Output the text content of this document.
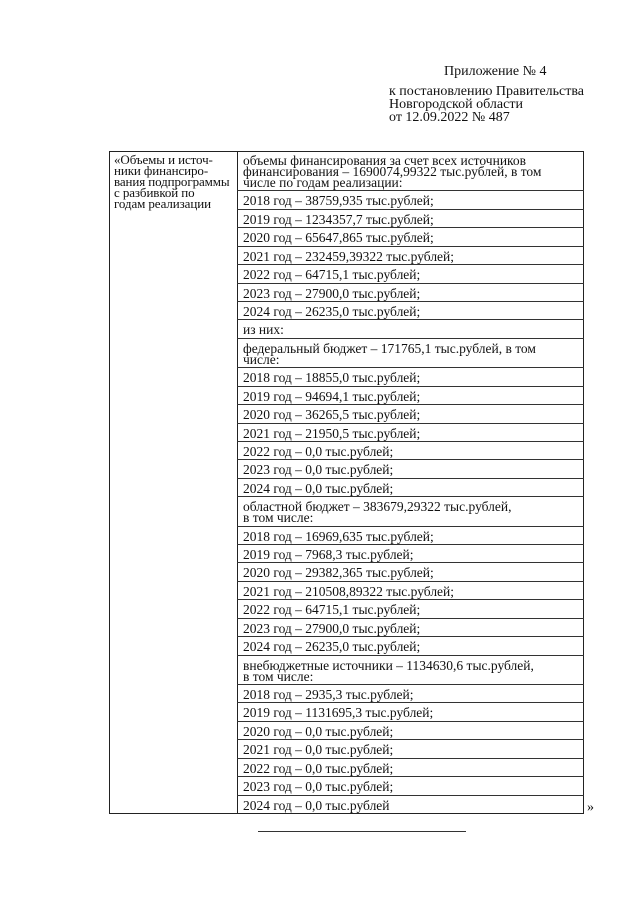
Приложение № 4
к постановлению Правительства
Новгородской области
от 12.09.2022 № 487
«Объемы и источ-
ники финансиро-
вания подпрограммы
с разбивкой по
годам реализации
объемы финансирования за счет всех источников
финансирования – 1690074,99322 тыс.рублей, в том
числе по годам реализации:
2018 год – 38759,935 тыс.рублей;
2019 год – 1234357,7 тыс.рублей;
2020 год – 65647,865 тыс.рублей;
2021 год – 232459,39322 тыс.рублей;
2022 год – 64715,1 тыс.рублей;
2023 год – 27900,0 тыс.рублей;
2024 год – 26235,0 тыс.рублей;
из них:
федеральный бюджет – 171765,1 тыс.рублей, в том
числе:
2018 год – 18855,0 тыс.рублей;
2019 год – 94694,1 тыс.рублей;
2020 год – 36265,5 тыс.рублей;
2021 год – 21950,5 тыс.рублей;
2022 год – 0,0 тыс.рублей;
2023 год – 0,0 тыс.рублей;
2024 год – 0,0 тыс.рублей;
областной бюджет – 383679,29322 тыс.рублей,
в том числе:
2018 год – 16969,635 тыс.рублей;
2019 год – 7968,3 тыс.рублей;
2020 год – 29382,365 тыс.рублей;
2021 год – 210508,89322 тыс.рублей;
2022 год – 64715,1 тыс.рублей;
2023 год – 27900,0 тыс.рублей;
2024 год – 26235,0 тыс.рублей;
внебюджетные источники – 1134630,6 тыс.рублей,
в том числе:
2018 год – 2935,3 тыс.рублей;
2019 год – 1131695,3 тыс.рублей;
2020 год – 0,0 тыс.рублей;
2021 год – 0,0 тыс.рублей;
2022 год – 0,0 тыс.рублей;
2023 год – 0,0 тыс.рублей;
2024 год – 0,0 тыс.рублей	»
